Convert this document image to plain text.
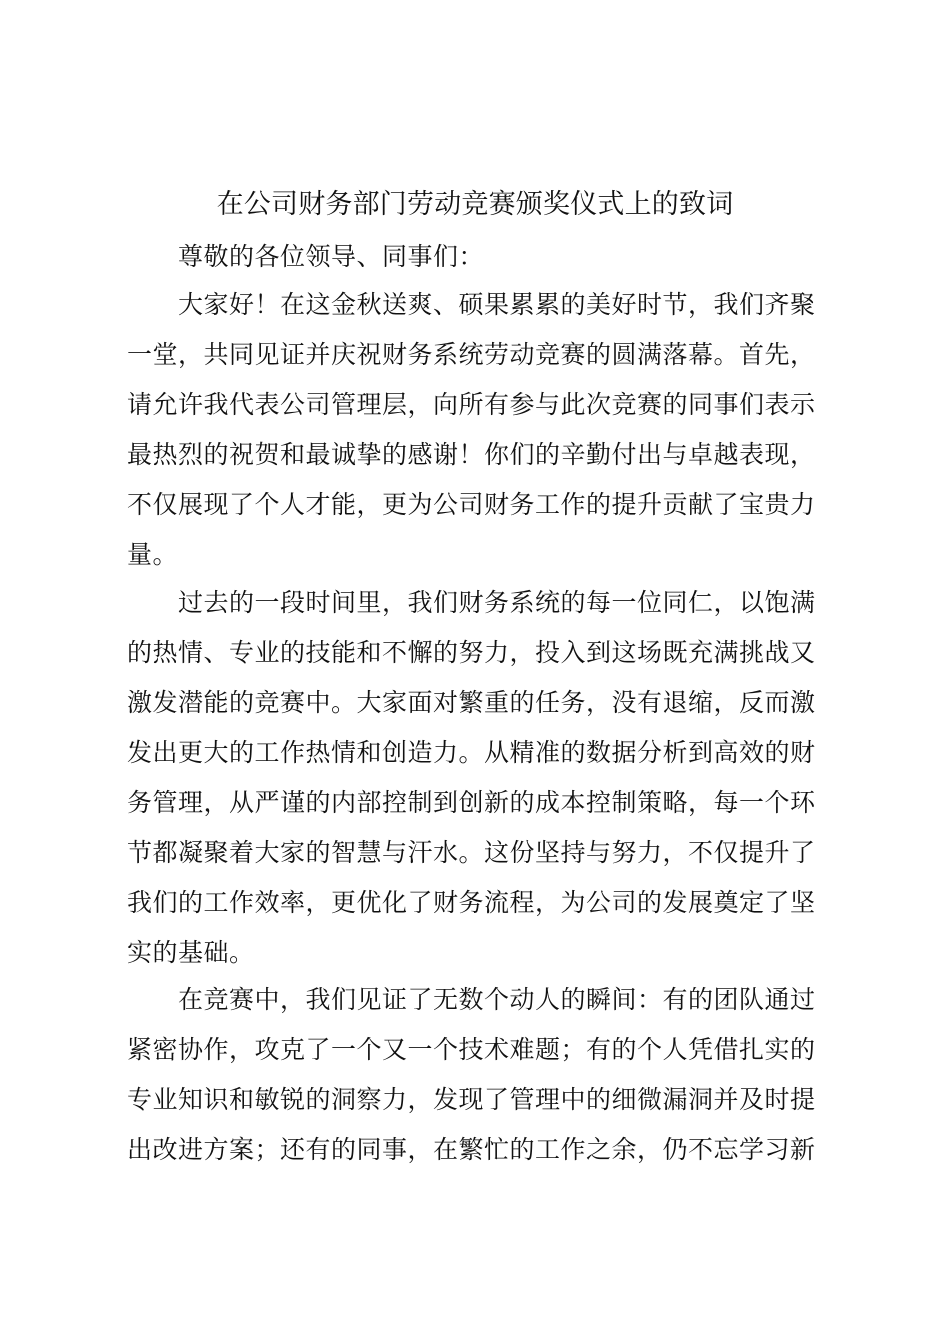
在公司财务部门劳动竞赛颁奖仪式上的致词
尊敬的各位领导、同事们：
大家好！在这金秋送爽、硕果累累的美好时节，我们齐聚
一堂，共同见证并庆祝财务系统劳动竞赛的圆满落幕。首先，
请允许我代表公司管理层，向所有参与此次竞赛的同事们表示
最热烈的祝贺和最诚挚的感谢！你们的辛勤付出与卓越表现，
不仅展现了个人才能，更为公司财务工作的提升贡献了宝贵力
量。
过去的一段时间里，我们财务系统的每一位同仁，以饱满
的热情、专业的技能和不懈的努力，投入到这场既充满挑战又
激发潜能的竞赛中。大家面对繁重的任务，没有退缩，反而激
发出更大的工作热情和创造力。从精准的数据分析到高效的财
务管理，从严谨的内部控制到创新的成本控制策略，每一个环
节都凝聚着大家的智慧与汗水。这份坚持与努力，不仅提升了
我们的工作效率，更优化了财务流程，为公司的发展奠定了坚
实的基础。
在竞赛中，我们见证了无数个动人的瞬间：有的团队通过
紧密协作，攻克了一个又一个技术难题；有的个人凭借扎实的
专业知识和敏锐的洞察力，发现了管理中的细微漏洞并及时提
出改进方案；还有的同事，在繁忙的工作之余，仍不忘学习新
